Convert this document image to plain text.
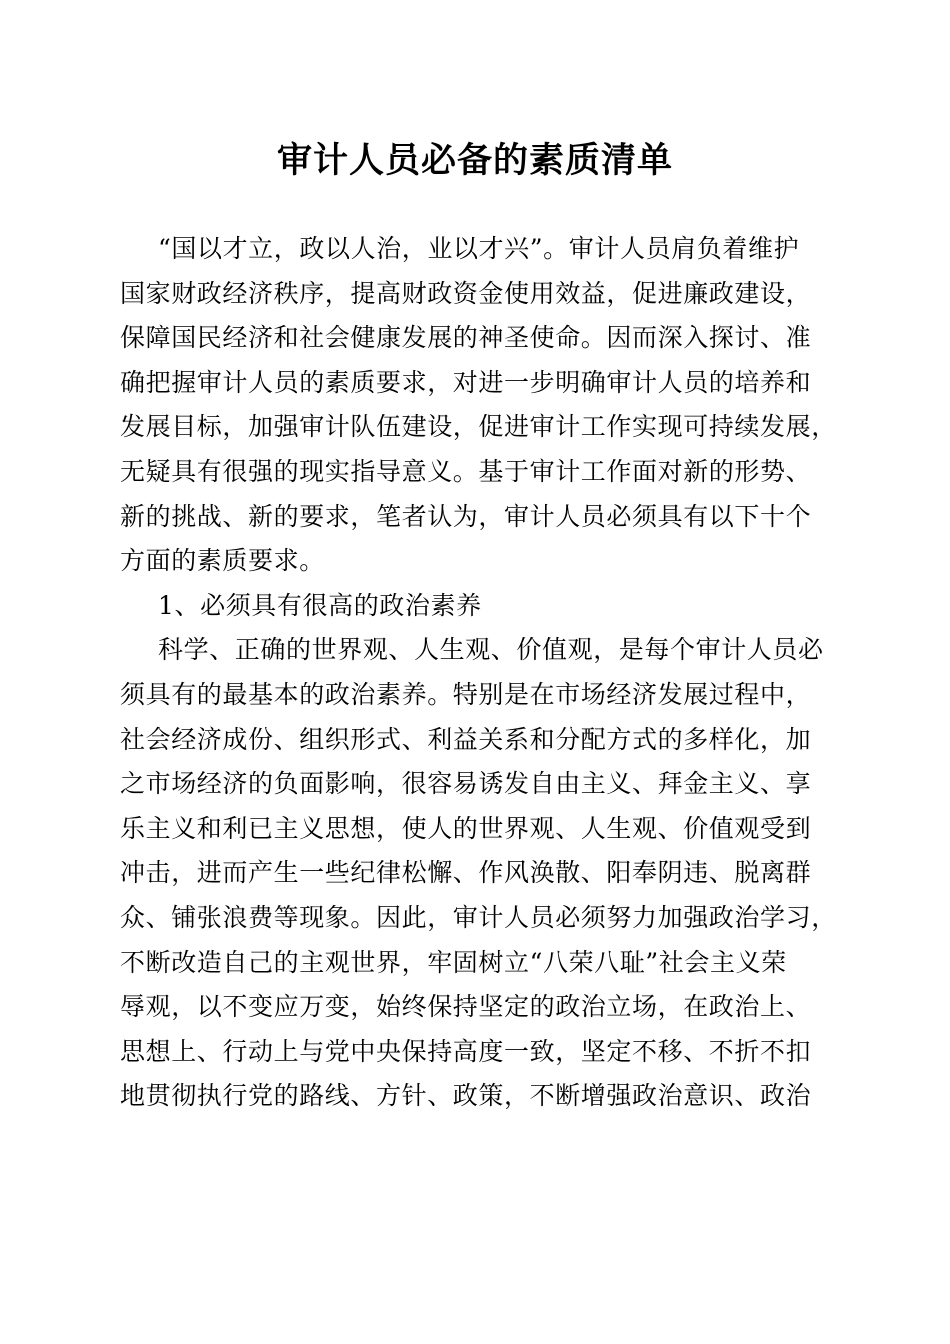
审计人员必备的素质清单
“国以才立，政以人治，业以才兴”。审计人员肩负着维护
国家财政经济秩序，提高财政资金使用效益，促进廉政建设，
保障国民经济和社会健康发展的神圣使命。因而深入探讨、准
确把握审计人员的素质要求，对进一步明确审计人员的培养和
发展目标，加强审计队伍建设，促进审计工作实现可持续发展，
无疑具有很强的现实指导意义。基于审计工作面对新的形势、
新的挑战、新的要求，笔者认为，审计人员必须具有以下十个
方面的素质要求。
1、必须具有很高的政治素养
科学、正确的世界观、人生观、价值观，是每个审计人员必
须具有的最基本的政治素养。特别是在市场经济发展过程中，
社会经济成份、组织形式、利益关系和分配方式的多样化，加
之市场经济的负面影响，很容易诱发自由主义、拜金主义、享
乐主义和利已主义思想，使人的世界观、人生观、价值观受到
冲击，进而产生一些纪律松懈、作风涣散、阳奉阴违、脱离群
众、铺张浪费等现象。因此，审计人员必须努力加强政治学习，
不断改造自己的主观世界，牢固树立“八荣八耻”社会主义荣
辱观，以不变应万变，始终保持坚定的政治立场，在政治上、
思想上、行动上与党中央保持高度一致，坚定不移、不折不扣
地贯彻执行党的路线、方针、政策，不断增强政治意识、政治
